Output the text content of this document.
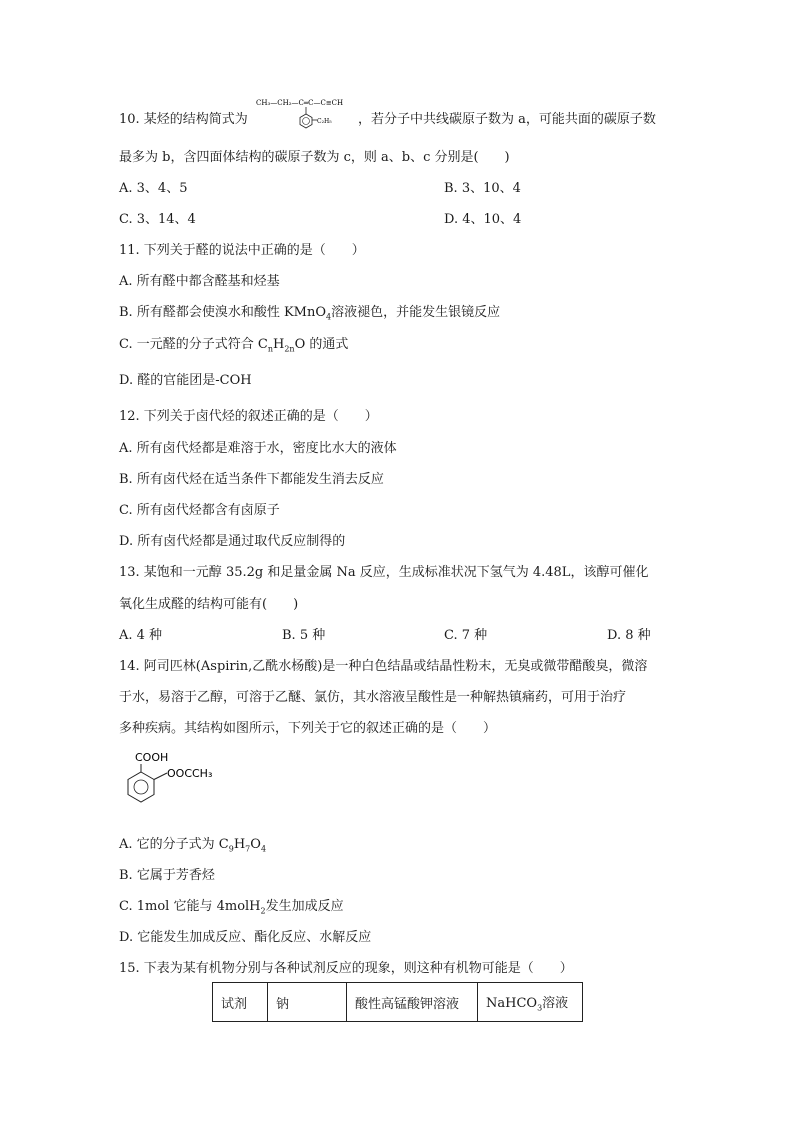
10. 某烃的结构简式为
CH₃—CH₂—C═C—C≡CH
C₂H₅ ，若分子中共线碳原子数为 a，可能共面的碳原子数
最多为 b，含四面体结构的碳原子数为 c，则 a、b、c 分别是(　　)
A. 3、4、5	B. 3、10、4
C. 3、14、4	D. 4、10、4
11. 下列关于醛的说法中正确的是（　　）
A. 所有醛中都含醛基和烃基
B. 所有醛都会使溴水和酸性 KMnO$_4$溶液褪色，并能发生银镜反应
C. 一元醛的分子式符合 $C_nH_{2n}O$ 的通式
D. 醛的官能团是-COH
12. 下列关于卤代烃的叙述正确的是（　　）
A. 所有卤代烃都是难溶于水，密度比水大的液体
B. 所有卤代烃在适当条件下都能发生消去反应
C. 所有卤代烃都含有卤原子
D. 所有卤代烃都是通过取代反应制得的
13. 某饱和一元醇 35.2g 和足量金属 Na 反应，生成标准状况下氢气为 4.48L，该醇可催化
氧化生成醛的结构可能有(　　)
A. 4 种	B. 5 种	C. 7 种	D. 8 种
14. 阿司匹林(Aspirin,乙酰水杨酸)是一种白色结晶或结晶性粉末，无臭或微带醋酸臭，微溶
于水，易溶于乙醇，可溶于乙醚、氯仿，其水溶液呈酸性是一种解热镇痛药，可用于治疗
多种疾病。其结构如图所示，下列关于它的叙述正确的是（　　）
COOH
OOCCH₃
A. 它的分子式为 $C_9H_7O_4$
B. 它属于芳香烃
C. 1mol 它能与 4molH$_2$发生加成反应
D. 它能发生加成反应、酯化反应、水解反应
15. 下表为某有机物分别与各种试剂反应的现象，则这种有机物可能是（　　）
试剂	钠	酸性高锰酸钾溶液	NaHCO$_3$溶液
